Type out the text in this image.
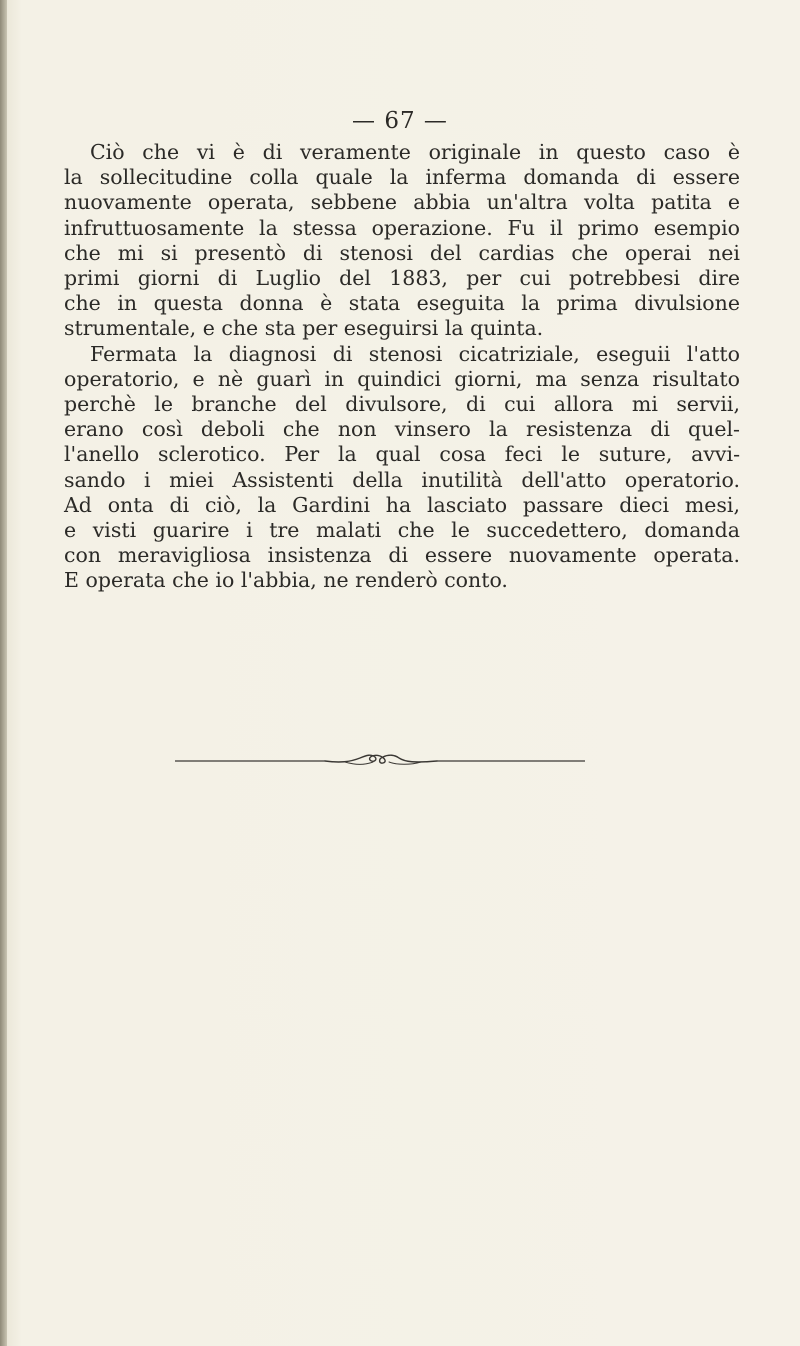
— 67 —

Ciò che vi è di veramente originale in questo caso è
la sollecitudine colla quale la inferma domanda di essere
nuovamente operata, sebbene abbia un'altra volta patita e
infruttuosamente la stessa operazione. Fu il primo esempio
che mi si presentò di stenosi del cardias che operai nei
primi giorni di Luglio del 1883, per cui potrebbesi dire
che in questa donna è stata eseguita la prima divulsione
strumentale, e che sta per eseguirsi la quinta.

Fermata la diagnosi di stenosi cicatriziale, eseguii l'atto
operatorio, e nè guarì in quindici giorni, ma senza risultato
perchè le branche del divulsore, di cui allora mi servii,
erano così deboli che non vinsero la resistenza di quel-
l'anello sclerotico. Per la qual cosa feci le suture, avvi-
sando i miei Assistenti della inutilità dell'atto operatorio.
Ad onta di ciò, la Gardini ha lasciato passare dieci mesi,
e visti guarire i tre malati che le succedettero, domanda
con meravigliosa insistenza di essere nuovamente operata.
E operata che io l'abbia, ne renderò conto.
